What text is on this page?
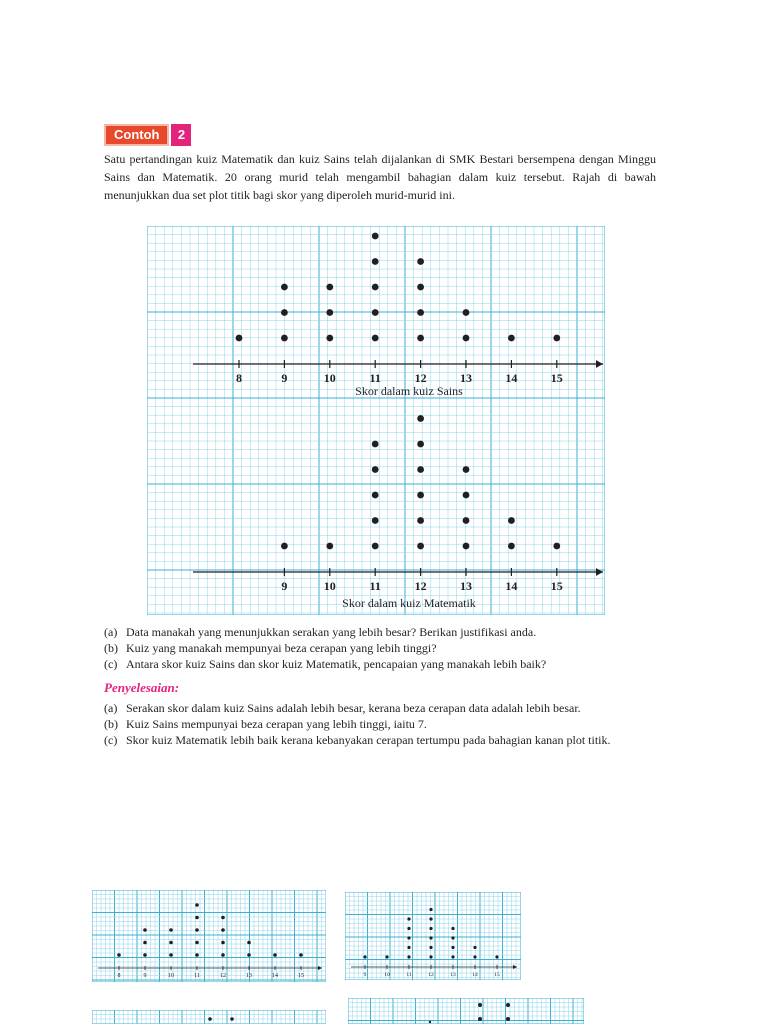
Contoh	2

Satu pertandingan kuiz Matematik dan kuiz Sains telah dijalankan di SMK Bestari bersempena dengan Minggu Sains dan Matematik. 20 orang murid telah mengambil bahagian dalam kuiz tersebut. Rajah di bawah menunjukkan dua set plot titik bagi skor yang diperoleh murid-murid ini.

8	9	10	11	12	13	14	15
Skor dalam kuiz Sains
9	10	11	12	13	14	15
Skor dalam kuiz Matematik
(a) Data manakah yang menunjukkan serakan yang lebih besar? Berikan justifikasi anda.
(b) Kuiz yang manakah mempunyai beza cerapan yang lebih tinggi?
(c) Antara skor kuiz Sains dan skor kuiz Matematik, pencapaian yang manakah lebih baik?

Penyelesaian:

(a) Serakan skor dalam kuiz Sains adalah lebih besar, kerana beza cerapan data adalah lebih besar.
(b) Kuiz Sains mempunyai beza cerapan yang lebih tinggi, iaitu 7.
(c) Skor kuiz Matematik lebih baik kerana kebanyakan cerapan tertumpu pada bahagian kanan plot titik.
8	9	10	11	12	13	14	15	9	10	11	12	13	14	15
